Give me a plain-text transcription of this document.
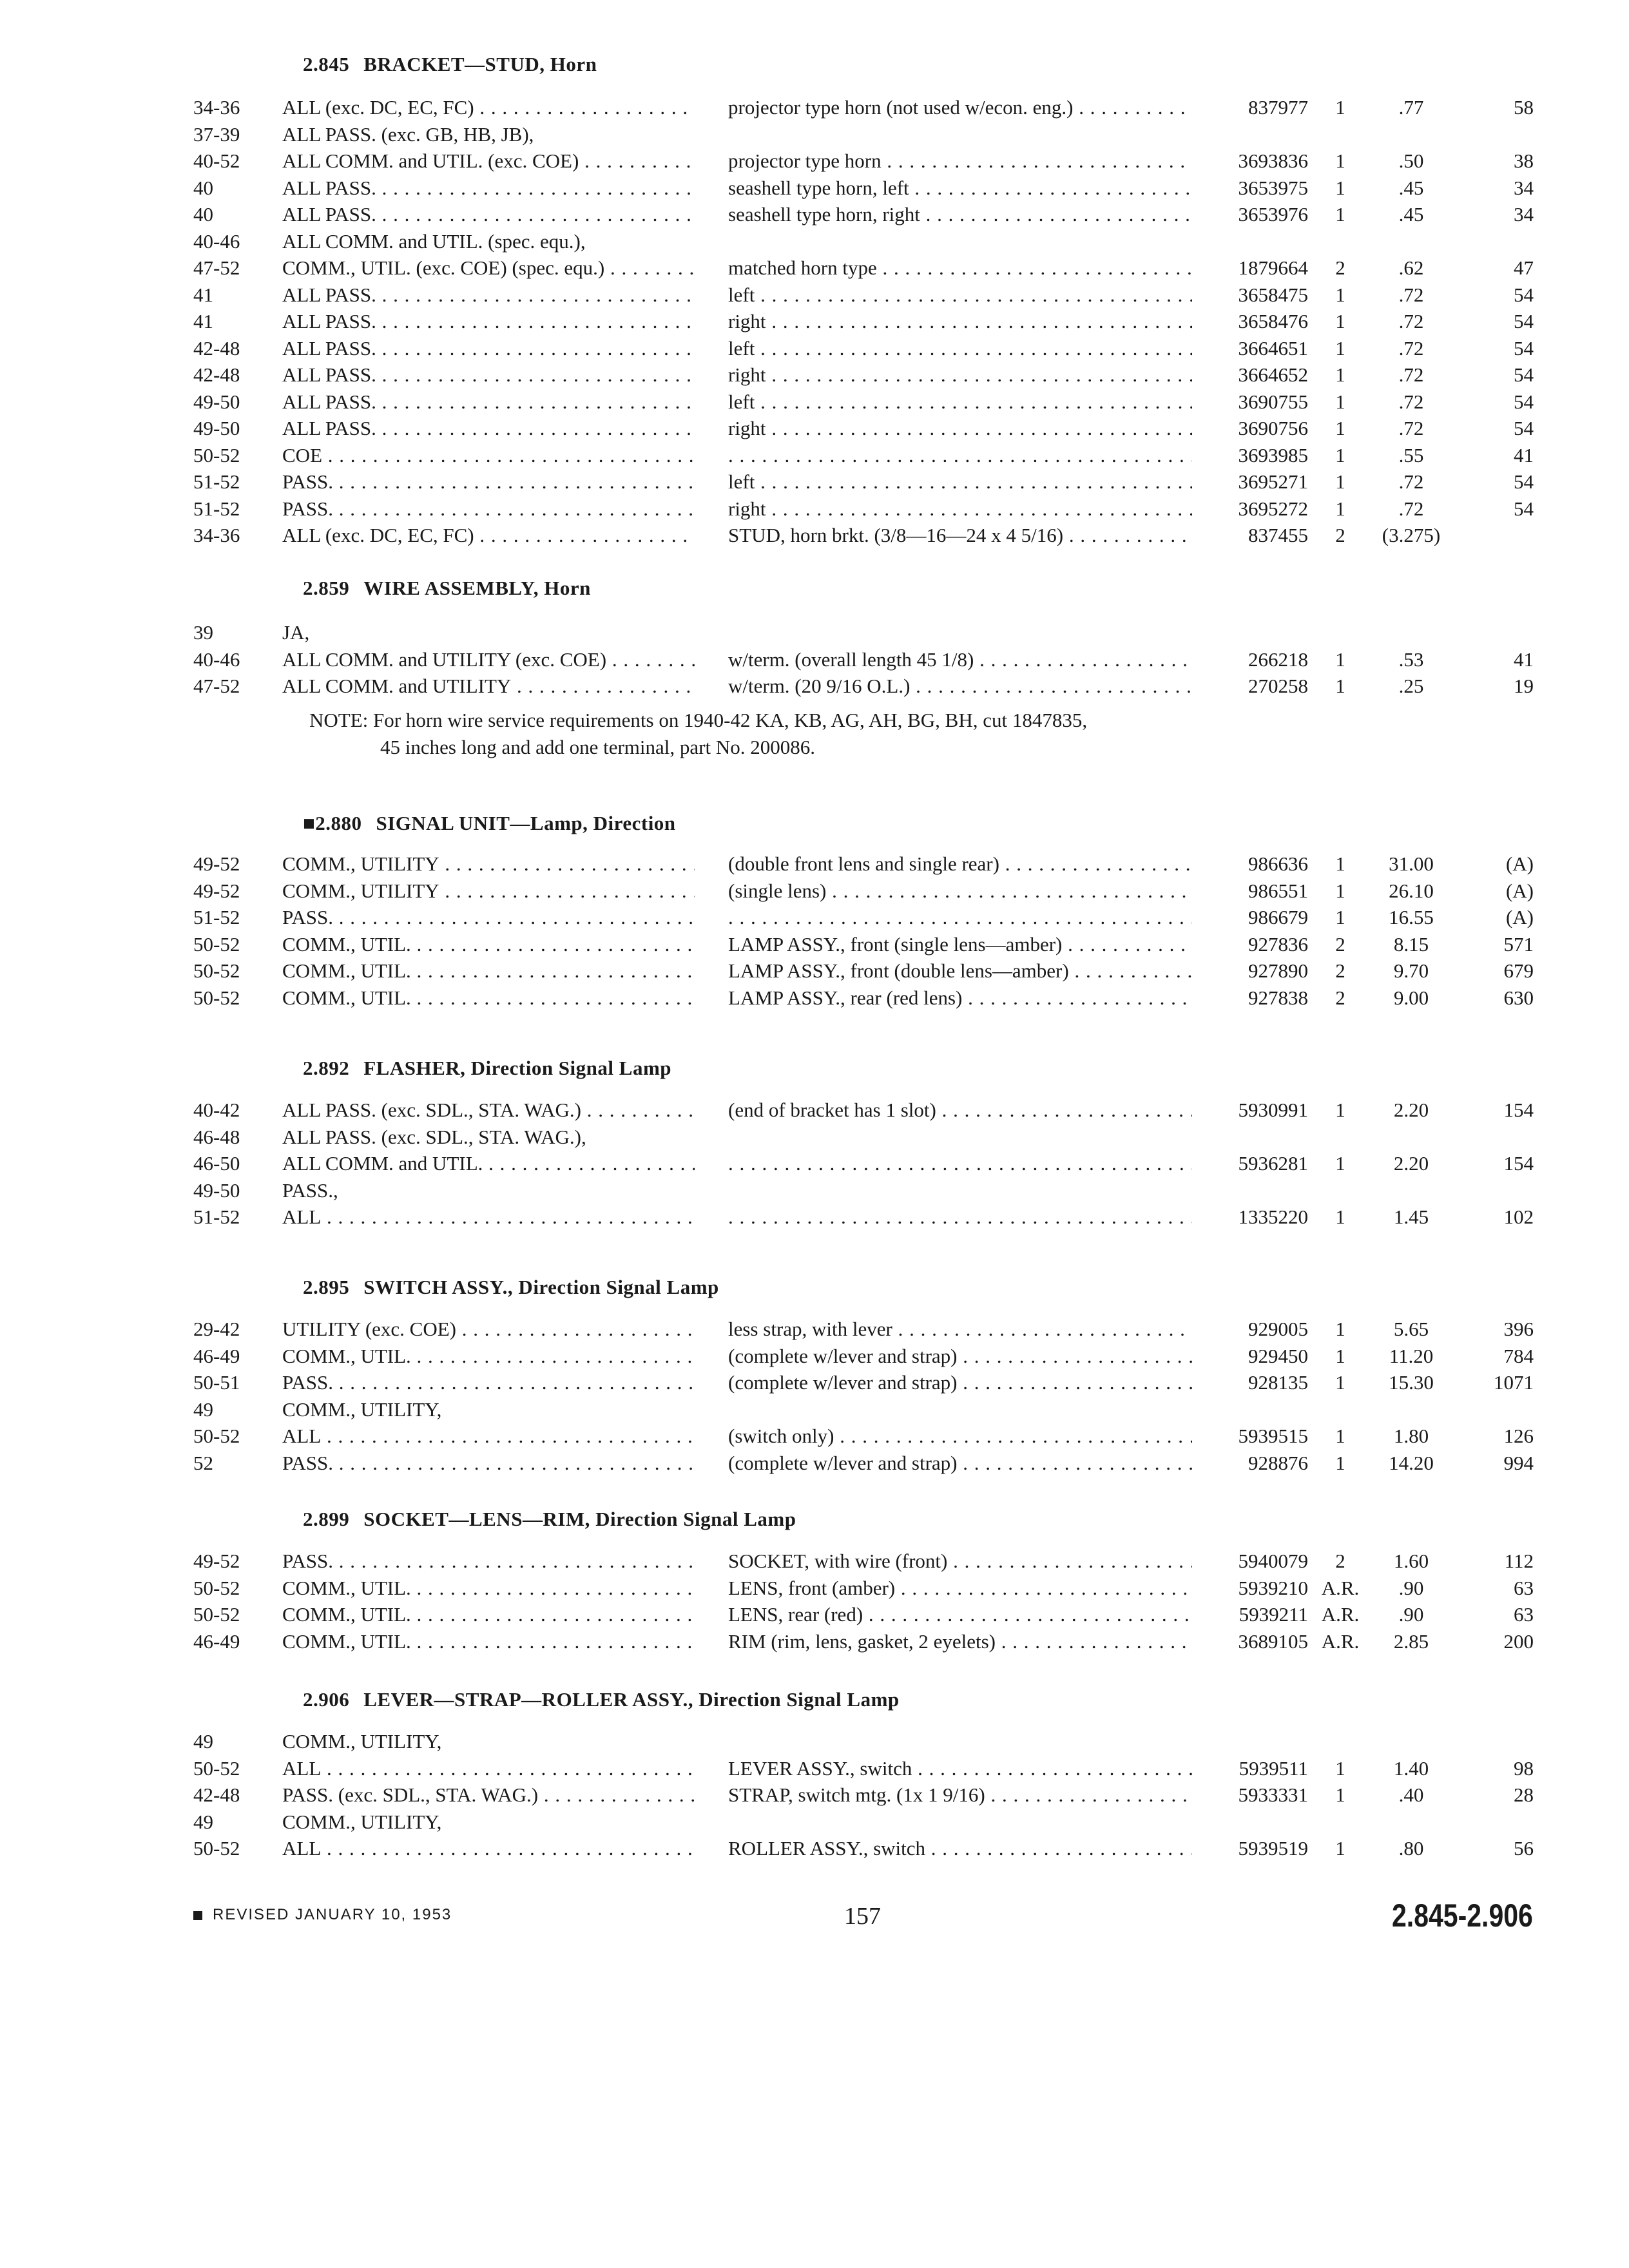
2.845 BRACKET—STUD, Horn
34-36 ALL (exc. DC, EC, FC) . . .	projector type horn (not used w/econ. eng.) . . .	837977	1	.77	58
37-39 ALL PASS. (exc. GB, HB, JB),
40-52 ALL COMM. and UTIL. (exc. COE) . . .	projector type horn . . .	3693836	1	.50	38
40	ALL PASS. . . .	seashell type horn, left . . .	3653975	1	.45	34
40	ALL PASS. . . .	seashell type horn, right . . .	3653976	1	.45	34
40-46 ALL COMM. and UTIL. (spec. equ.),
47-52 COMM., UTIL. (exc. COE) (spec. equ.) . . .	matched horn type . . .	1879664	2	.62	47
41	ALL PASS. . . .	left . . .	3658475	1	.72	54
41	ALL PASS. . . .	right . . .	3658476	1	.72	54
42-48 ALL PASS. . . .	left . . .	3664651	1	.72	54
42-48 ALL PASS. . . .	right . . .	3664652	1	.72	54
49-50 ALL PASS. . . .	left . . .	3690755	1	.72	54
49-50 ALL PASS. . . .	right . . .	3690756	1	.72	54
50-52 COE . . . . . .	3693985	1	.55	41
51-52 PASS. . . .	left . . .	3695271	1	.72	54
51-52 PASS. . . .	right . . .	3695272	1	.72	54
34-36 ALL (exc. DC, EC, FC) . . .	STUD, horn brkt. (3/8—16—24 x 4 5/16) . . .	837455	2	(3.275)
2.859 WIRE ASSEMBLY, Horn
39	JA,
40-46 ALL COMM. and UTILITY (exc. COE) . . .	w/term. (overall length 45 1/8) . . .	266218	1	.53	41
47-52 ALL COMM. and UTILITY . . .	w/term. (20 9/16 O.L.) . . .	270258	1	.25	19
NOTE: For horn wire service requirements on 1940-42 KA, KB, AG, AH, BG, BH, cut 1847835,
45 inches long and add one terminal, part No. 200086.
■2.880 SIGNAL UNIT—Lamp, Direction
49-52 COMM., UTILITY . . .	(double front lens and single rear) . . .	986636	1	31.00	(A)
49-52 COMM., UTILITY . . .	(single lens) . . .	986551	1	26.10	(A)
51-52 PASS. . . . . . .	986679	1	16.55	(A)
50-52 COMM., UTIL. . . .	LAMP ASSY., front (single lens—amber) . . .	927836	2	8.15	571
50-52 COMM., UTIL. . . .	LAMP ASSY., front (double lens—amber) . . .	927890	2	9.70	679
50-52 COMM., UTIL. . . .	LAMP ASSY., rear (red lens) . . .	927838	2	9.00	630
2.892 FLASHER, Direction Signal Lamp
40-42 ALL PASS. (exc. SDL., STA. WAG.) . . .	(end of bracket has 1 slot) . . .	5930991	1	2.20	154
46-48 ALL PASS. (exc. SDL., STA. WAG.),
46-50 ALL COMM. and UTIL. . . . . . .	5936281	1	2.20	154
49-50 PASS.,
51-52 ALL . . . . . .	1335220	1	1.45	102
2.895 SWITCH ASSY., Direction Signal Lamp
29-42 UTILITY (exc. COE) . . .	less strap, with lever . . .	929005	1	5.65	396
46-49 COMM., UTIL. . . .	(complete w/lever and strap) . . .	929450	1	11.20	784
50-51 PASS. . . .	(complete w/lever and strap) . . .	928135	1	15.30	1071
49	COMM., UTILITY,
50-52 ALL . . .	(switch only) . . .	5939515	1	1.80	126
52	PASS. . . .	(complete w/lever and strap) . . .	928876	1	14.20	994
2.899 SOCKET—LENS—RIM, Direction Signal Lamp
49-52 PASS. . . .	SOCKET, with wire (front) . . .	5940079	2	1.60	112
50-52 COMM., UTIL. . . .	LENS, front (amber) . . .	5939210 A.R.	.90	63
50-52 COMM., UTIL. . . .	LENS, rear (red) . . .	5939211 A.R.	.90	63
46-49 COMM., UTIL. . . .	RIM (rim, lens, gasket, 2 eyelets) . . .	3689105 A.R.	2.85	200
2.906 LEVER—STRAP—ROLLER ASSY., Direction Signal Lamp
49	COMM., UTILITY,
50-52 ALL . . .	LEVER ASSY., switch . . .	5939511	1	1.40	98
42-48 PASS. (exc. SDL., STA. WAG.) . . .	STRAP, switch mtg. (1x 1 9/16) . . .	5933331	1	.40	28
49	COMM., UTILITY,
50-52 ALL . . .	ROLLER ASSY., switch . . .	5939519	1	.80	56
REVISED JANUARY 10, 1953	157	2.845-2.906
